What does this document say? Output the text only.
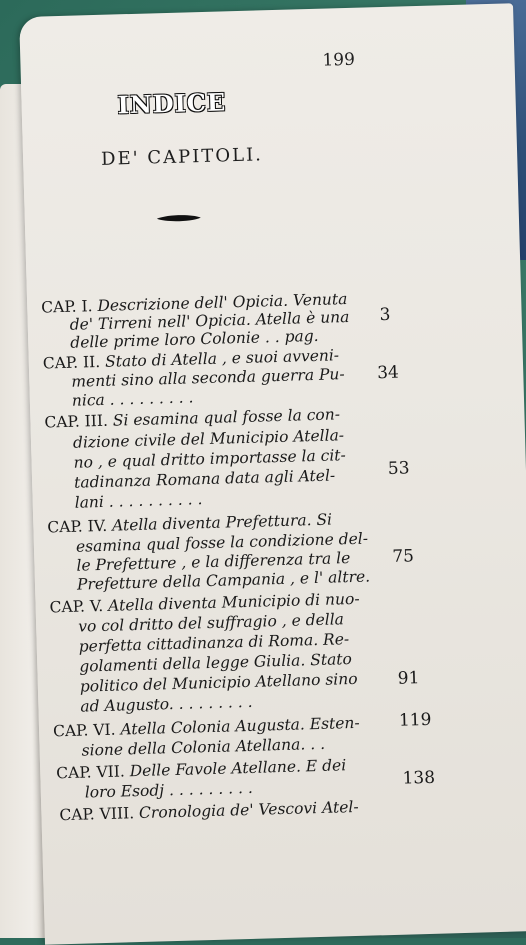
199
INDICE
DE' CAPITOLI.
CAP. I. Descrizione dell' Opicia. Venuta
de' Tirreni nell' Opicia. Atella è una
delle prime loro Colonie . . pag.
3
CAP. II. Stato di Atella , e suoi avveni-
menti sino alla seconda guerra Pu-
nica . . . . . . . . .
34
CAP. III. Si esamina qual fosse la con-
dizione civile del Municipio Atella-
no , e qual dritto importasse la cit-
tadinanza Romana data agli Atel-
lani . . . . . . . . . .
53
CAP. IV. Atella diventa Prefettura. Si
esamina qual fosse la condizione del-
le Prefetture , e la differenza tra le
Prefetture della Campania , e l' altre.
75
CAP. V. Atella diventa Municipio di nuo-
vo col dritto del suffragio , e della
perfetta cittadinanza di Roma. Re-
golamenti della legge Giulia. Stato
politico del Municipio Atellano sino
ad Augusto. . . . . . . . .
91
CAP. VI. Atella Colonia Augusta. Esten-
sione della Colonia Atellana. . .
119
CAP. VII. Delle Favole Atellane. E dei
loro Esodj . . . . . . . . .
138
CAP. VIII. Cronologia de' Vescovi Atel-
